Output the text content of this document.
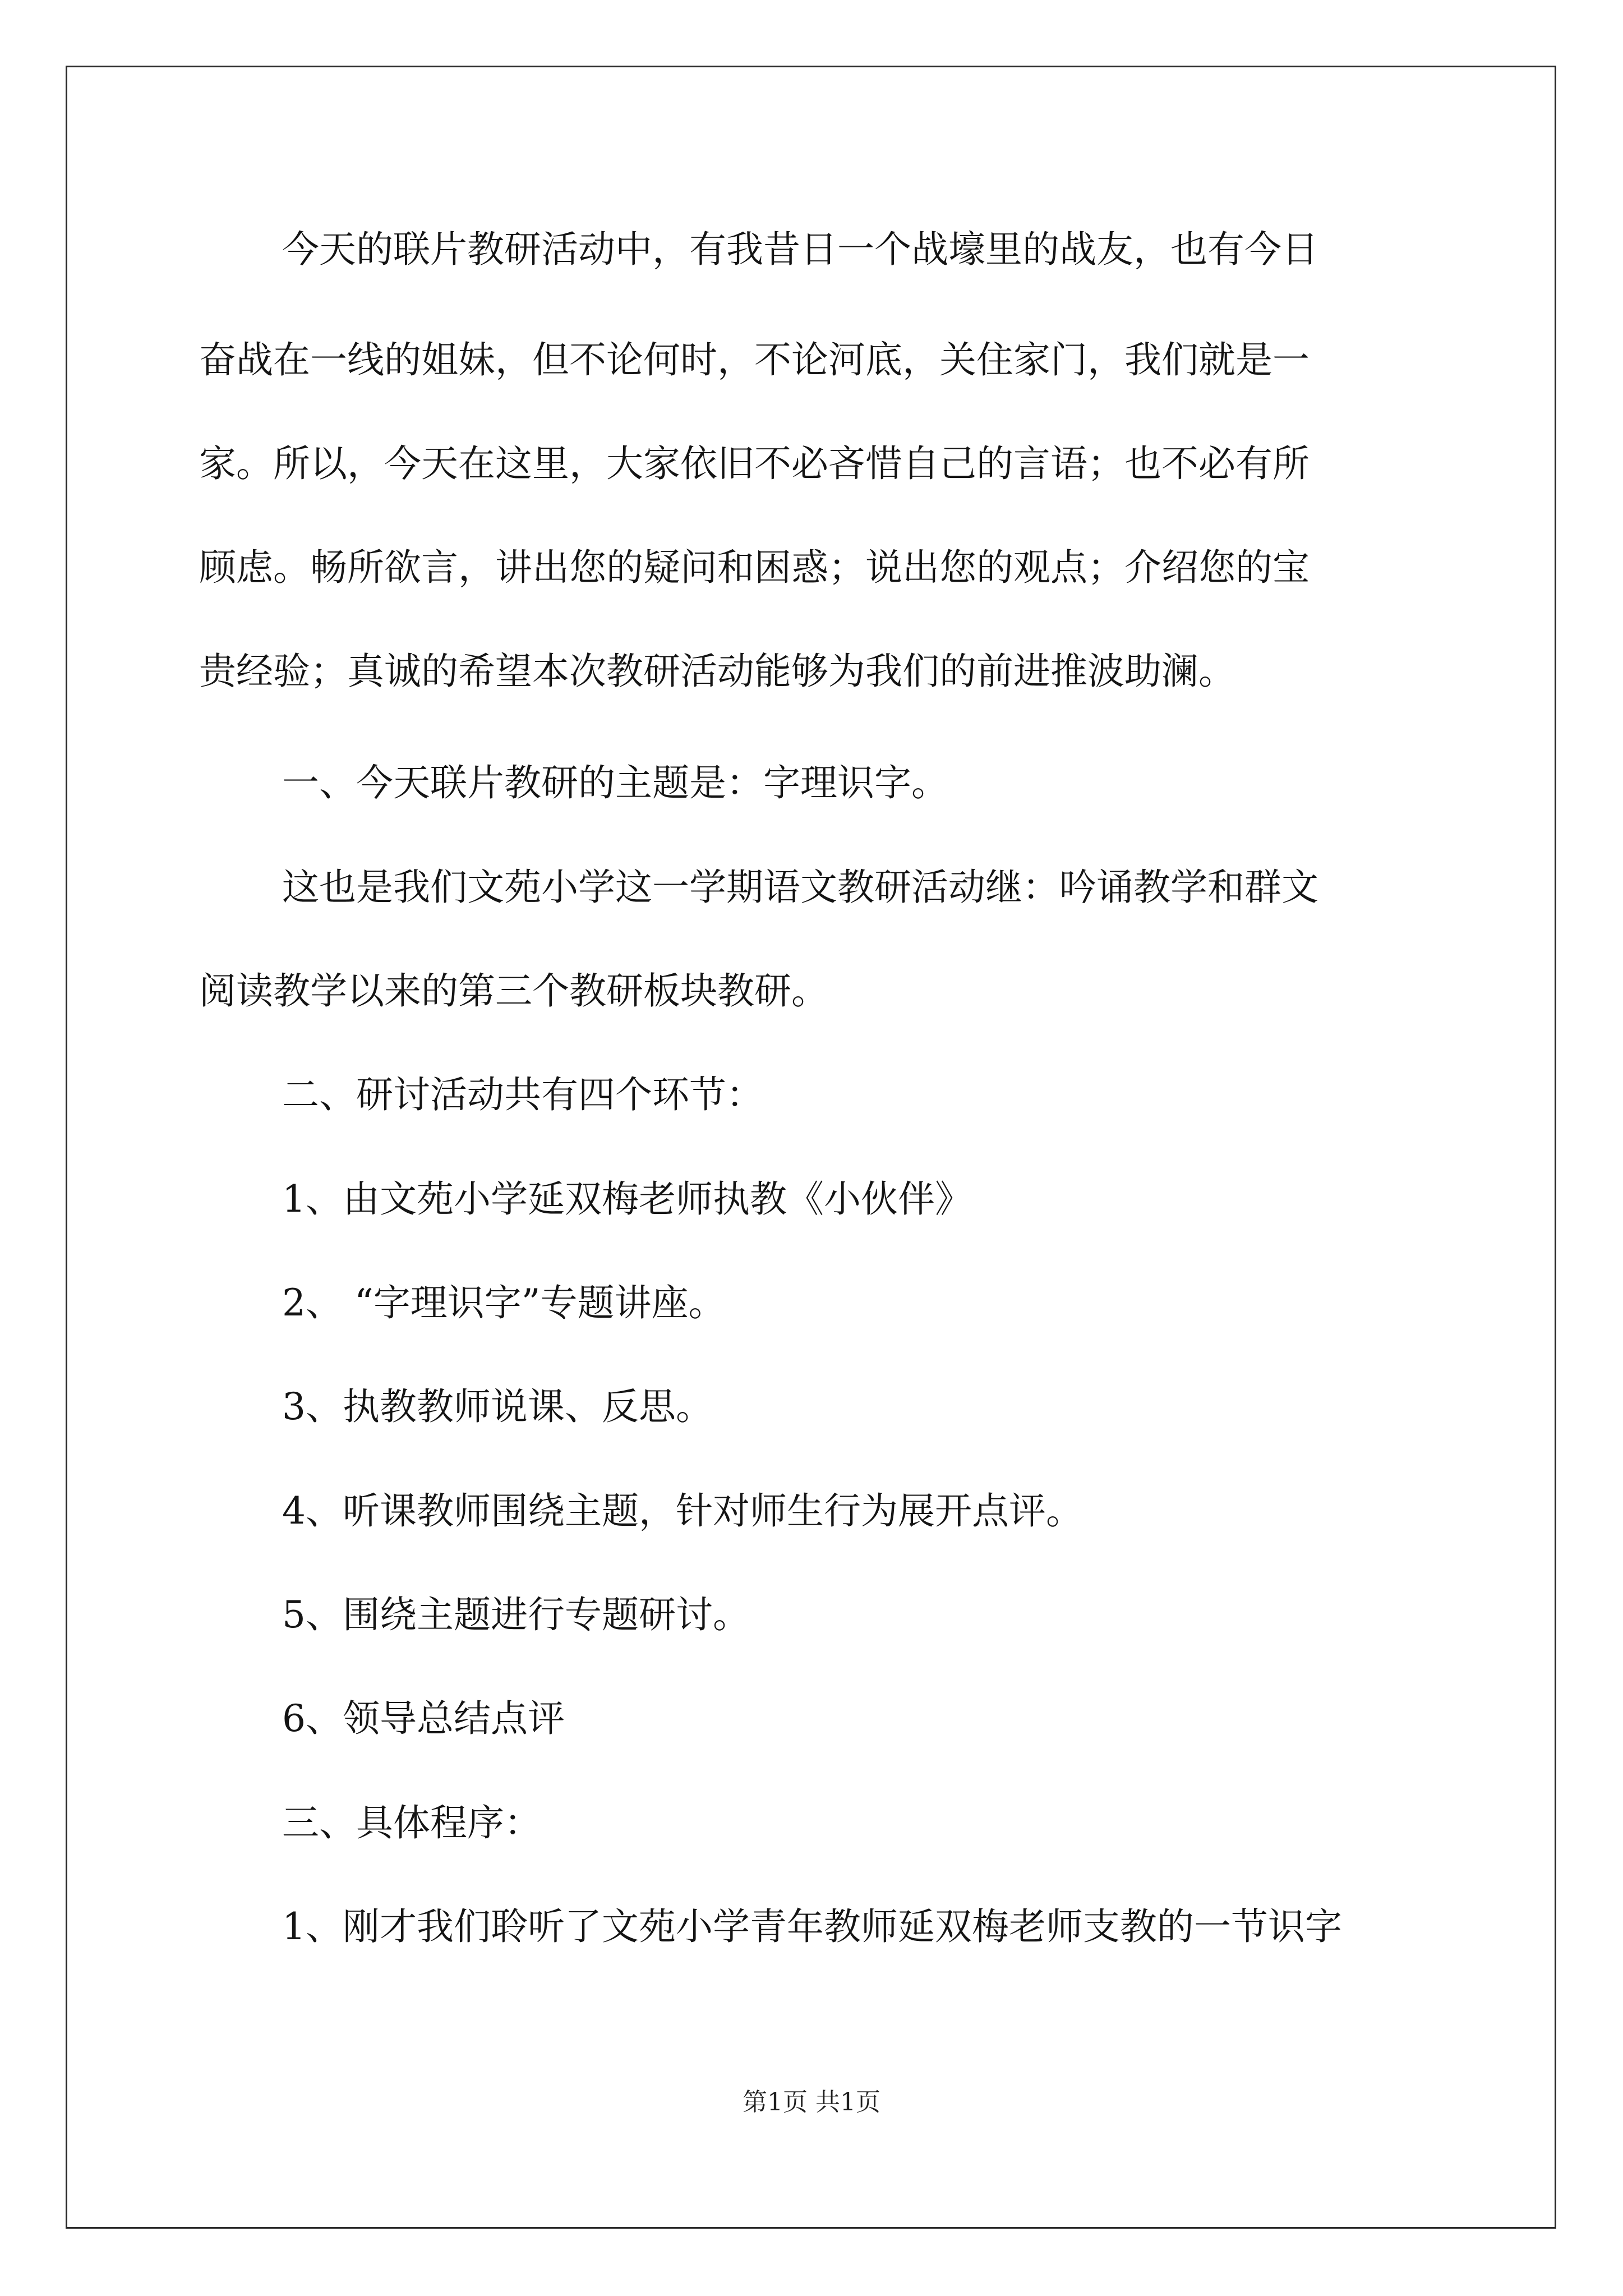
今天的联片教研活动中，有我昔日一个战壕里的战友，也有今日
奋战在一线的姐妹，但不论何时，不论河底，关住家门，我们就是一
家。所以，今天在这里，大家依旧不必吝惜自己的言语；也不必有所
顾虑。畅所欲言，讲出您的疑问和困惑；说出您的观点；介绍您的宝
贵经验；真诚的希望本次教研活动能够为我们的前进推波助澜。
一、今天联片教研的主题是：字理识字。
这也是我们文苑小学这一学期语文教研活动继：吟诵教学和群文
阅读教学以来的第三个教研板块教研。
二、研讨活动共有四个环节：
1、由文苑小学延双梅老师执教《小伙伴》
2、 “字理识字”专题讲座。
3、执教教师说课、反思。
4、听课教师围绕主题，针对师生行为展开点评。
5、围绕主题进行专题研讨。
6、领导总结点评
三、具体程序：
1、刚才我们聆听了文苑小学青年教师延双梅老师支教的一节识字
第1页 共1页
